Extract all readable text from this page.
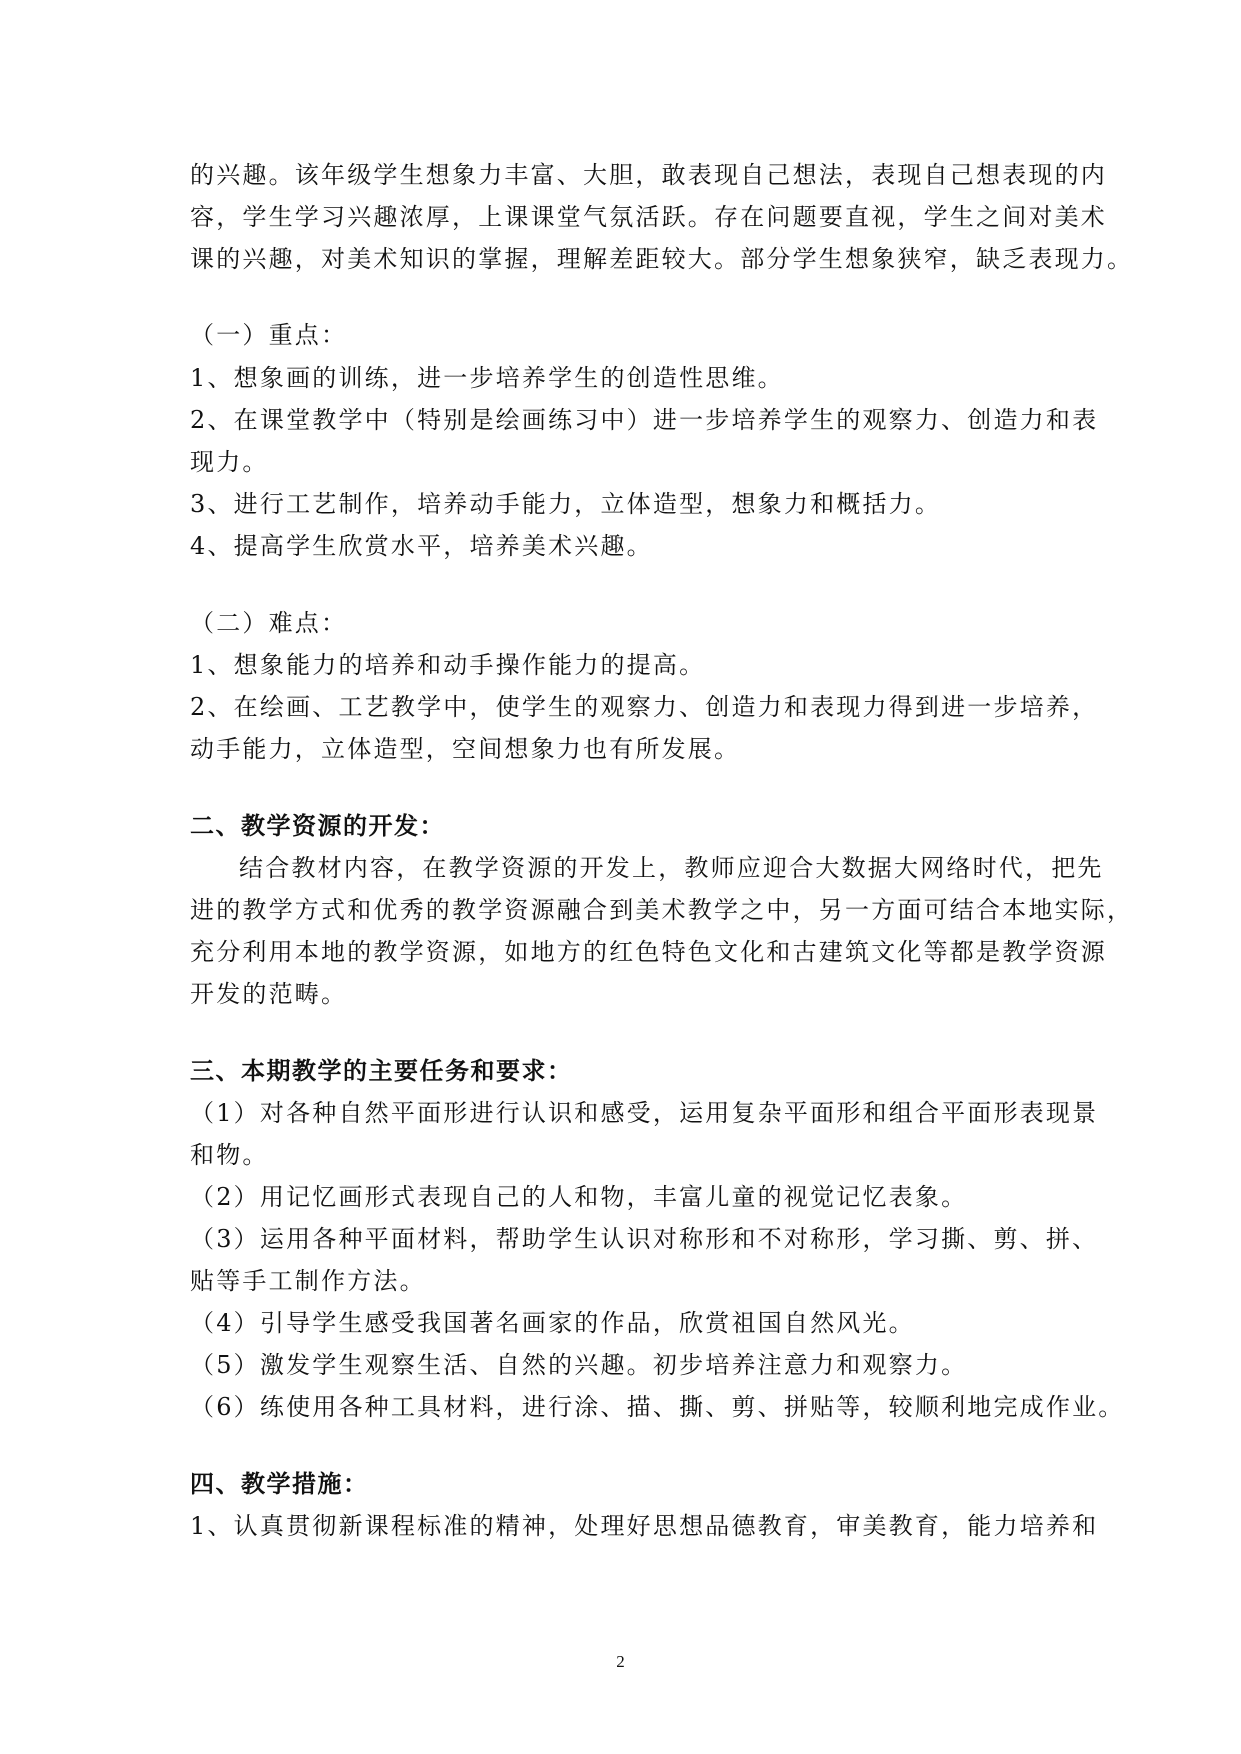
的兴趣。该年级学生想象力丰富、大胆，敢表现自己想法，表现自己想表现的内
容，学生学习兴趣浓厚，上课课堂气氛活跃。存在问题要直视，学生之间对美术
课的兴趣，对美术知识的掌握，理解差距较大。部分学生想象狭窄，缺乏表现力。
（一）重点：
1、想象画的训练，进一步培养学生的创造性思维。
2、在课堂教学中（特别是绘画练习中）进一步培养学生的观察力、创造力和表
现力。
3、进行工艺制作，培养动手能力，立体造型，想象力和概括力。
4、提高学生欣赏水平，培养美术兴趣。
（二）难点：
1、想象能力的培养和动手操作能力的提高。
2、在绘画、工艺教学中，使学生的观察力、创造力和表现力得到进一步培养，
动手能力，立体造型，空间想象力也有所发展。
二、教学资源的开发：
结合教材内容，在教学资源的开发上，教师应迎合大数据大网络时代，把先
进的教学方式和优秀的教学资源融合到美术教学之中，另一方面可结合本地实际，
充分利用本地的教学资源，如地方的红色特色文化和古建筑文化等都是教学资源
开发的范畴。
三、本期教学的主要任务和要求：
（1）对各种自然平面形进行认识和感受，运用复杂平面形和组合平面形表现景
和物。
（2）用记忆画形式表现自己的人和物，丰富儿童的视觉记忆表象。
（3）运用各种平面材料，帮助学生认识对称形和不对称形，学习撕、剪、拼、
贴等手工制作方法。
（4）引导学生感受我国著名画家的作品，欣赏祖国自然风光。
（5）激发学生观察生活、自然的兴趣。初步培养注意力和观察力。
（6）练使用各种工具材料，进行涂、描、撕、剪、拼贴等，较顺利地完成作业。
四、教学措施：
1、认真贯彻新课程标准的精神，处理好思想品德教育，审美教育，能力培养和
2
